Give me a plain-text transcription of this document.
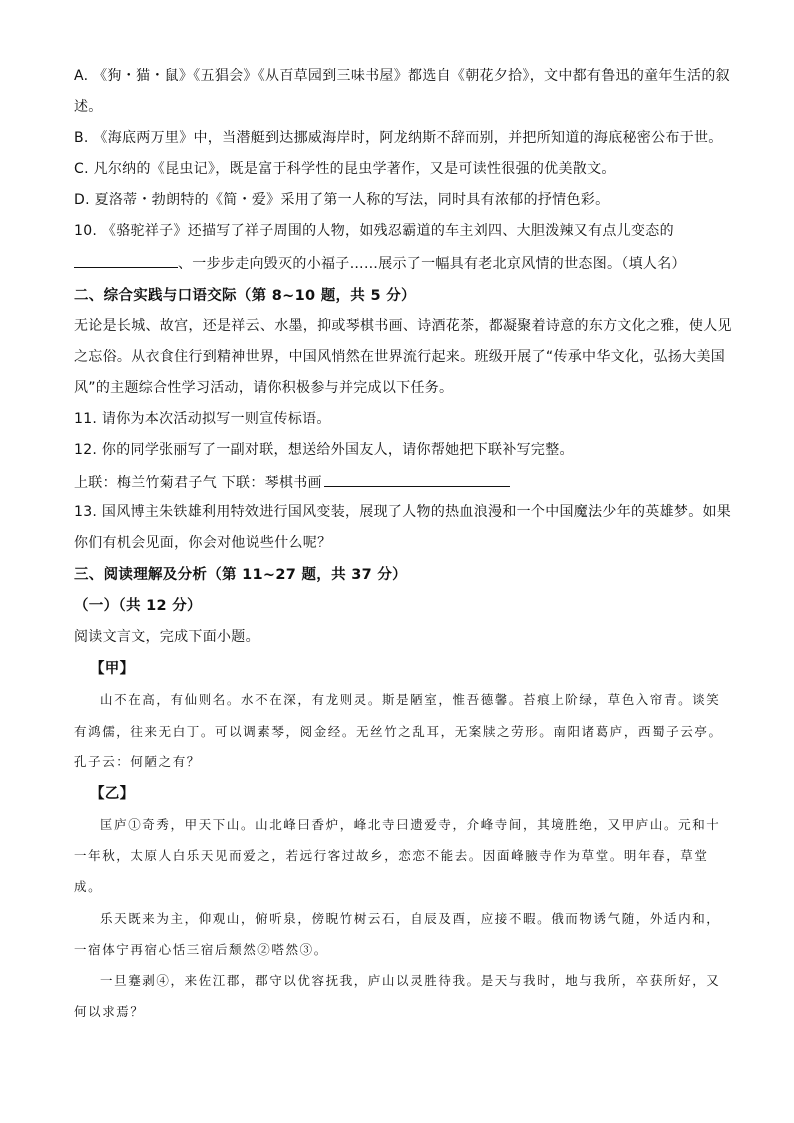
A. 《狗・猫・鼠》《五猖会》《从百草园到三味书屋》都选自《朝花夕拾》，文中都有鲁迅的童年生活的叙
述。
B. 《海底两万里》中，当潜艇到达挪威海岸时，阿龙纳斯不辞而别，并把所知道的海底秘密公布于世。
C. 凡尔纳的《昆虫记》，既是富于科学性的昆虫学著作，又是可读性很强的优美散文。
D. 夏洛蒂・勃朗特的《简・爱》采用了第一人称的写法，同时具有浓郁的抒情色彩。
10. 《骆驼祥子》还描写了祥子周围的人物，如残忍霸道的车主刘四、大胆泼辣又有点儿变态的
、一步步走向毁灭的小福子……展示了一幅具有老北京风情的世态图。（填人名）
二、综合实践与口语交际（第 8~10 题，共 5 分）
无论是长城、故宫，还是祥云、水墨，抑或琴棋书画、诗酒花茶，都凝聚着诗意的东方文化之雅，使人见
之忘俗。从衣食住行到精神世界，中国风悄然在世界流行起来。班级开展了“传承中华文化，弘扬大美国
风”的主题综合性学习活动，请你积极参与并完成以下任务。
11. 请你为本次活动拟写一则宣传标语。
12. 你的同学张丽写了一副对联，想送给外国友人，请你帮她把下联补写完整。
上联：梅兰竹菊君子气 下联：琴棋书画
13. 国风博主朱铁雄利用特效进行国风变装，展现了人物的热血浪漫和一个中国魔法少年的英雄梦。如果
你们有机会见面，你会对他说些什么呢？
三、阅读理解及分析（第 11~27 题，共 37 分）
（一）（共 12 分）
阅读文言文，完成下面小题。
【甲】
山不在高，有仙则名。水不在深，有龙则灵。斯是陋室，惟吾德馨。苔痕上阶绿，草色入帘青。谈笑
有鸿儒，往来无白丁。可以调素琴，阅金经。无丝竹之乱耳，无案牍之劳形。南阳诸葛庐，西蜀子云亭。
孔子云：何陋之有？
【乙】
匡庐①奇秀，甲天下山。山北峰曰香炉，峰北寺曰遗爱寺，介峰寺间，其境胜绝，又甲庐山。元和十
一年秋，太原人白乐天见而爱之，若远行客过故乡，恋恋不能去。因面峰腋寺作为草堂。明年春，草堂
成。
乐天既来为主，仰观山，俯听泉，傍睨竹树云石，自辰及酉，应接不暇。俄而物诱气随，外适内和，
一宿体宁再宿心恬三宿后颓然②嗒然③。
一旦蹇剥④，来佐江郡，郡守以优容抚我，庐山以灵胜待我。是天与我时，地与我所，卒获所好，又
何以求焉？
